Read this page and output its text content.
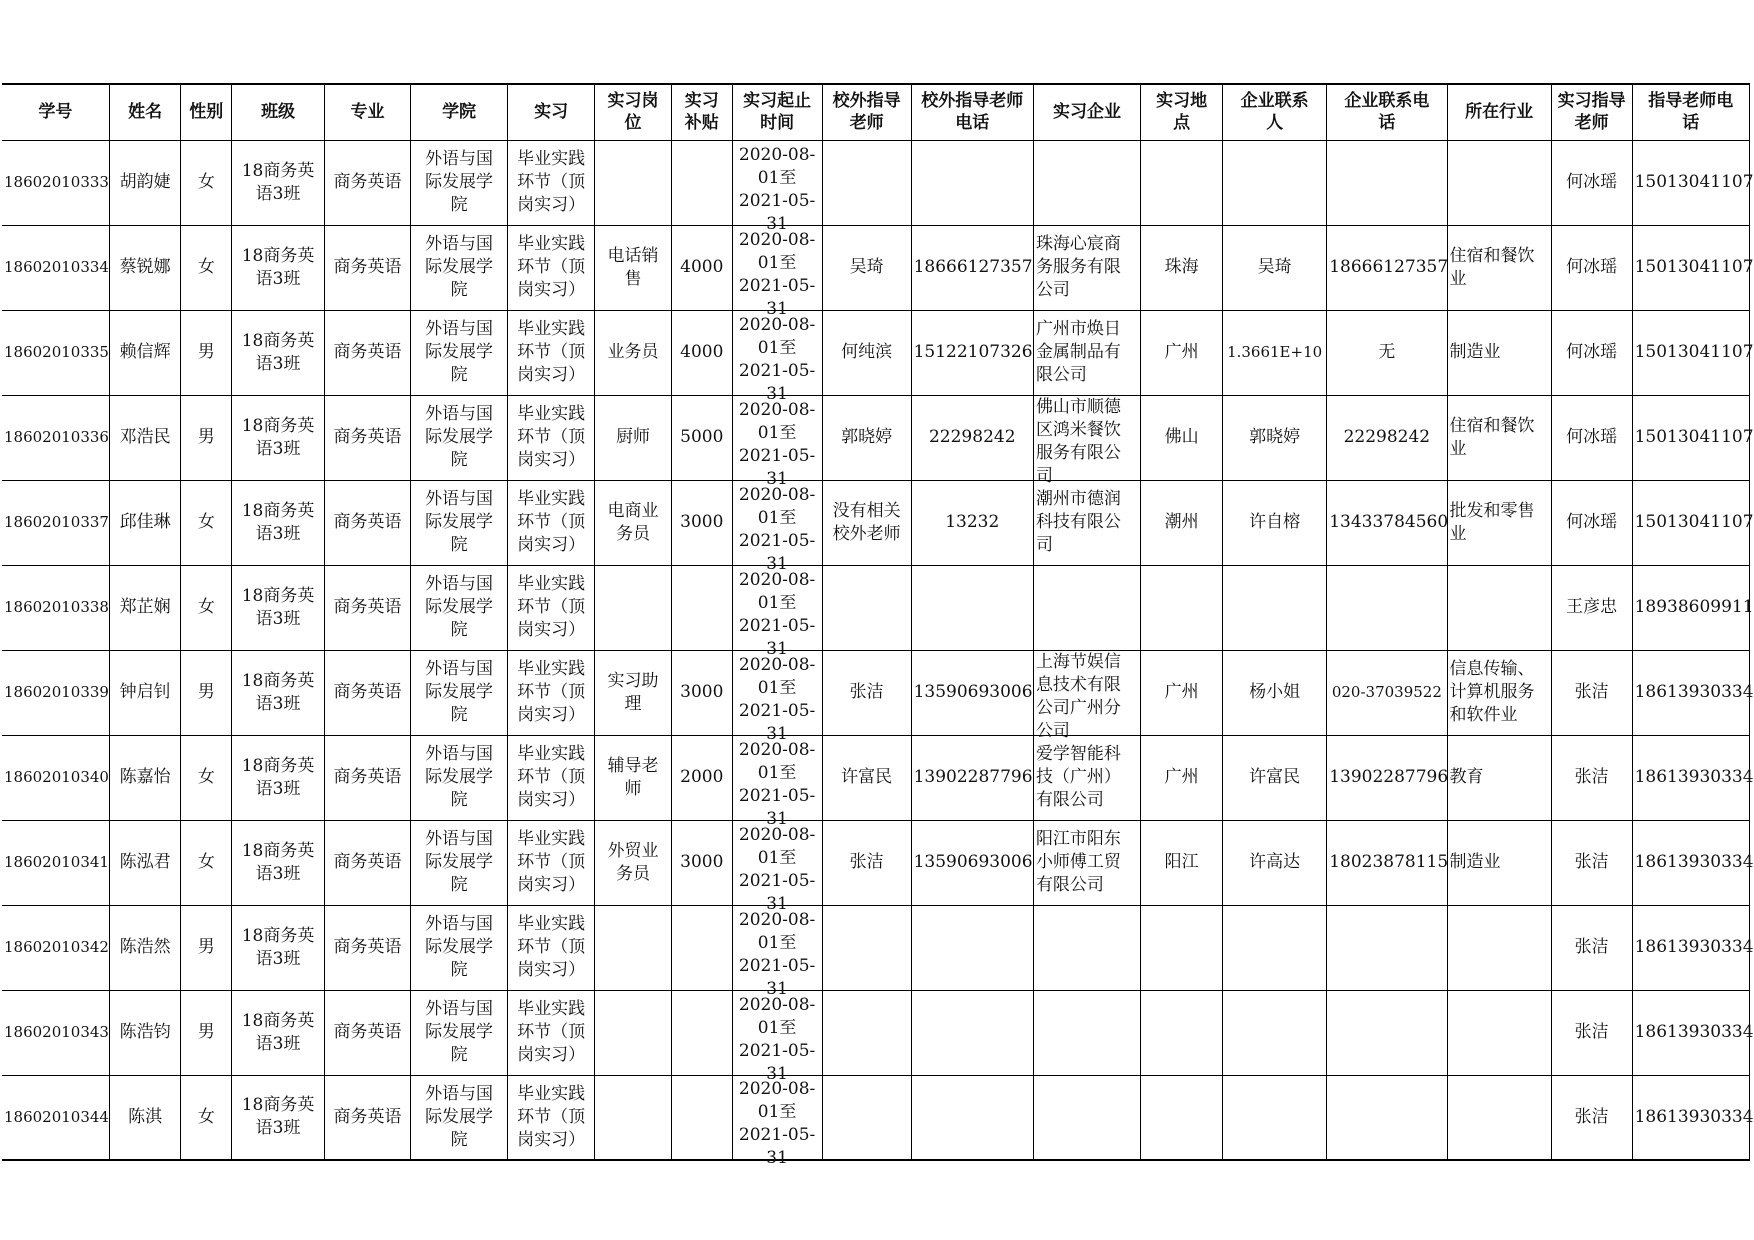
学号	姓名	性别	班级	专业	学院	实习	实习岗
位	实习
补贴	实习起止
时间	校外指导
老师	校外指导老师
电话	实习企业	实习地
点	企业联系
人	企业联系电
话	所在行业	实习指导
老师	指导老师电
话

18602010333	胡韵婕	女	18商务英
语3班	商务英语	外语与国
际发展学
院	毕业实践
环节（顶
岗实习）			2020-08-
01至
2021-05-
31								何冰瑶	15013041107

18602010334	蔡锐娜	女	18商务英
语3班	商务英语	外语与国
际发展学
院	毕业实践
环节（顶
岗实习）	电话销
售	4000	2020-08-
01至
2021-05-
31	吴琦	18666127357	珠海心宸商
务服务有限
公司	珠海	吴琦	18666127357	住宿和餐饮
业	何冰瑶	15013041107

18602010335	赖信辉	男	18商务英
语3班	商务英语	外语与国
际发展学
院	毕业实践
环节（顶
岗实习）	业务员	4000	2020-08-
01至
2021-05-
31	何纯滨	15122107326	广州市焕日
金属制品有
限公司	广州	1.3661E+10	无	制造业	何冰瑶	15013041107

18602010336	邓浩民	男	18商务英
语3班	商务英语	外语与国
际发展学
院	毕业实践
环节（顶
岗实习）	厨师	5000	2020-08-
01至
2021-05-
31	郭晓婷	22298242	佛山市顺德
区鸿米餐饮
服务有限公
司	佛山	郭晓婷	22298242	住宿和餐饮
业	何冰瑶	15013041107

18602010337	邱佳琳	女	18商务英
语3班	商务英语	外语与国
际发展学
院	毕业实践
环节（顶
岗实习）	电商业
务员	3000	2020-08-
01至
2021-05-
31	没有相关
校外老师	13232	潮州市德润
科技有限公
司	潮州	许自榕	13433784560	批发和零售
业	何冰瑶	15013041107

18602010338	郑芷娴	女	18商务英
语3班	商务英语	外语与国
际发展学
院	毕业实践
环节（顶
岗实习）			2020-08-
01至
2021-05-
31								王彦忠	18938609911

18602010339	钟启钊	男	18商务英
语3班	商务英语	外语与国
际发展学
院	毕业实践
环节（顶
岗实习）	实习助
理	3000	2020-08-
01至
2021-05-
31	张洁	13590693006	上海节娱信
息技术有限
公司广州分
公司	广州	杨小姐	020-37039522	信息传输、
计算机服务
和软件业	张洁	18613930334

18602010340	陈嘉怡	女	18商务英
语3班	商务英语	外语与国
际发展学
院	毕业实践
环节（顶
岗实习）	辅导老
师	2000	2020-08-
01至
2021-05-
31	许富民	13902287796	爱学智能科
技（广州）
有限公司	广州	许富民	13902287796	教育	张洁	18613930334

18602010341	陈泓君	女	18商务英
语3班	商务英语	外语与国
际发展学
院	毕业实践
环节（顶
岗实习）	外贸业
务员	3000	2020-08-
01至
2021-05-
31	张洁	13590693006	阳江市阳东
小师傅工贸
有限公司	阳江	许高达	18023878115	制造业	张洁	18613930334

18602010342	陈浩然	男	18商务英
语3班	商务英语	外语与国
际发展学
院	毕业实践
环节（顶
岗实习）			2020-08-
01至
2021-05-
31								张洁	18613930334

18602010343	陈浩钧	男	18商务英
语3班	商务英语	外语与国
际发展学
院	毕业实践
环节（顶
岗实习）			2020-08-
01至
2021-05-
31								张洁	18613930334

18602010344	陈淇	女	18商务英
语3班	商务英语	外语与国
际发展学
院	毕业实践
环节（顶
岗实习）			2020-08-
01至
2021-05-
31								张洁	18613930334
